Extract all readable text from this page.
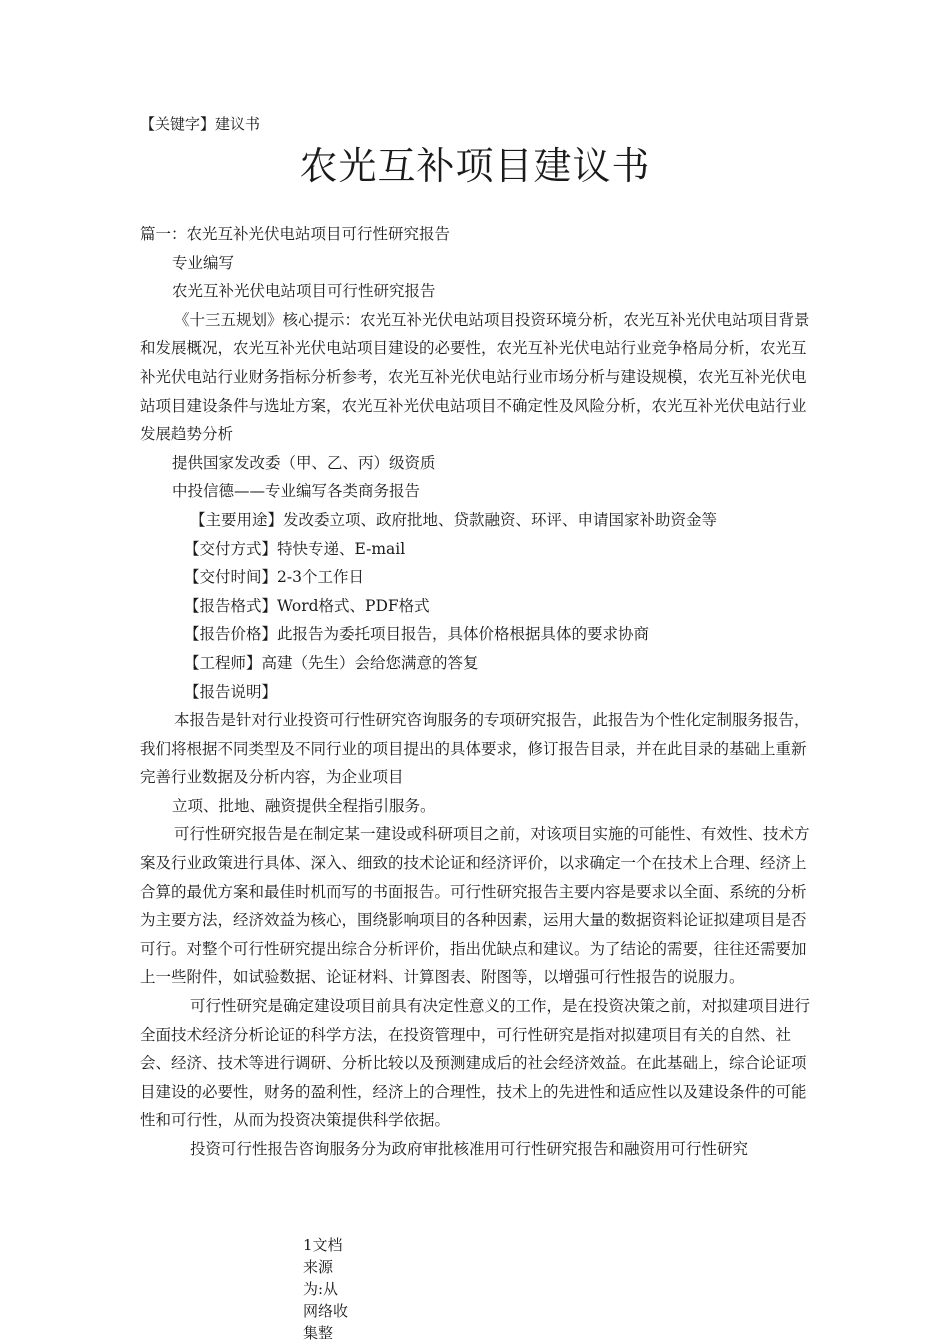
【关键字】建议书
农光互补项目建议书

篇一：农光互补光伏电站项目可行性研究报告

专业编写

农光互补光伏电站项目可行性研究报告

《十三五规划》核心提示：农光互补光伏电站项目投资环境分析，农光互补光伏电站项目背景和发展概况，农光互补光伏电站项目建设的必要性，农光互补光伏电站行业竞争格局分析，农光互补光伏电站行业财务指标分析参考，农光互补光伏电站行业市场分析与建设规模，农光互补光伏电站项目建设条件与选址方案，农光互补光伏电站项目不确定性及风险分析，农光互补光伏电站行业发展趋势分析

提供国家发改委（甲、乙、丙）级资质

中投信德——专业编写各类商务报告

【主要用途】发改委立项、政府批地、贷款融资、环评、申请国家补助资金等

【交付方式】特快专递、E-mail

【交付时间】2-3个工作日

【报告格式】Word格式、PDF格式

【报告价格】此报告为委托项目报告，具体价格根据具体的要求协商

【工程师】高建（先生）会给您满意的答复

【报告说明】

本报告是针对行业投资可行性研究咨询服务的专项研究报告，此报告为个性化定制服务报告，我们将根据不同类型及不同行业的项目提出的具体要求，修订报告目录，并在此目录的基础上重新完善行业数据及分析内容，为企业项目

立项、批地、融资提供全程指引服务。

可行性研究报告是在制定某一建设或科研项目之前，对该项目实施的可能性、有效性、技术方案及行业政策进行具体、深入、细致的技术论证和经济评价，以求确定一个在技术上合理、经济上合算的最优方案和最佳时机而写的书面报告。可行性研究报告主要内容是要求以全面、系统的分析为主要方法，经济效益为核心，围绕影响项目的各种因素，运用大量的数据资料论证拟建项目是否可行。对整个可行性研究提出综合分析评价，指出优缺点和建议。为了结论的需要，往往还需要加上一些附件，如试验数据、论证材料、计算图表、附图等，以增强可行性报告的说服力。

可行性研究是确定建设项目前具有决定性意义的工作，是在投资决策之前，对拟建项目进行全面技术经济分析论证的科学方法，在投资管理中，可行性研究是指对拟建项目有关的自然、社会、经济、技术等进行调研、分析比较以及预测建成后的社会经济效益。在此基础上，综合论证项目建设的必要性，财务的盈利性，经济上的合理性，技术上的先进性和适应性以及建设条件的可能性和可行性，从而为投资决策提供科学依据。

投资可行性报告咨询服务分为政府审批核准用可行性研究报告和融资用可行性研究

1文档来源为:从网络收集整
